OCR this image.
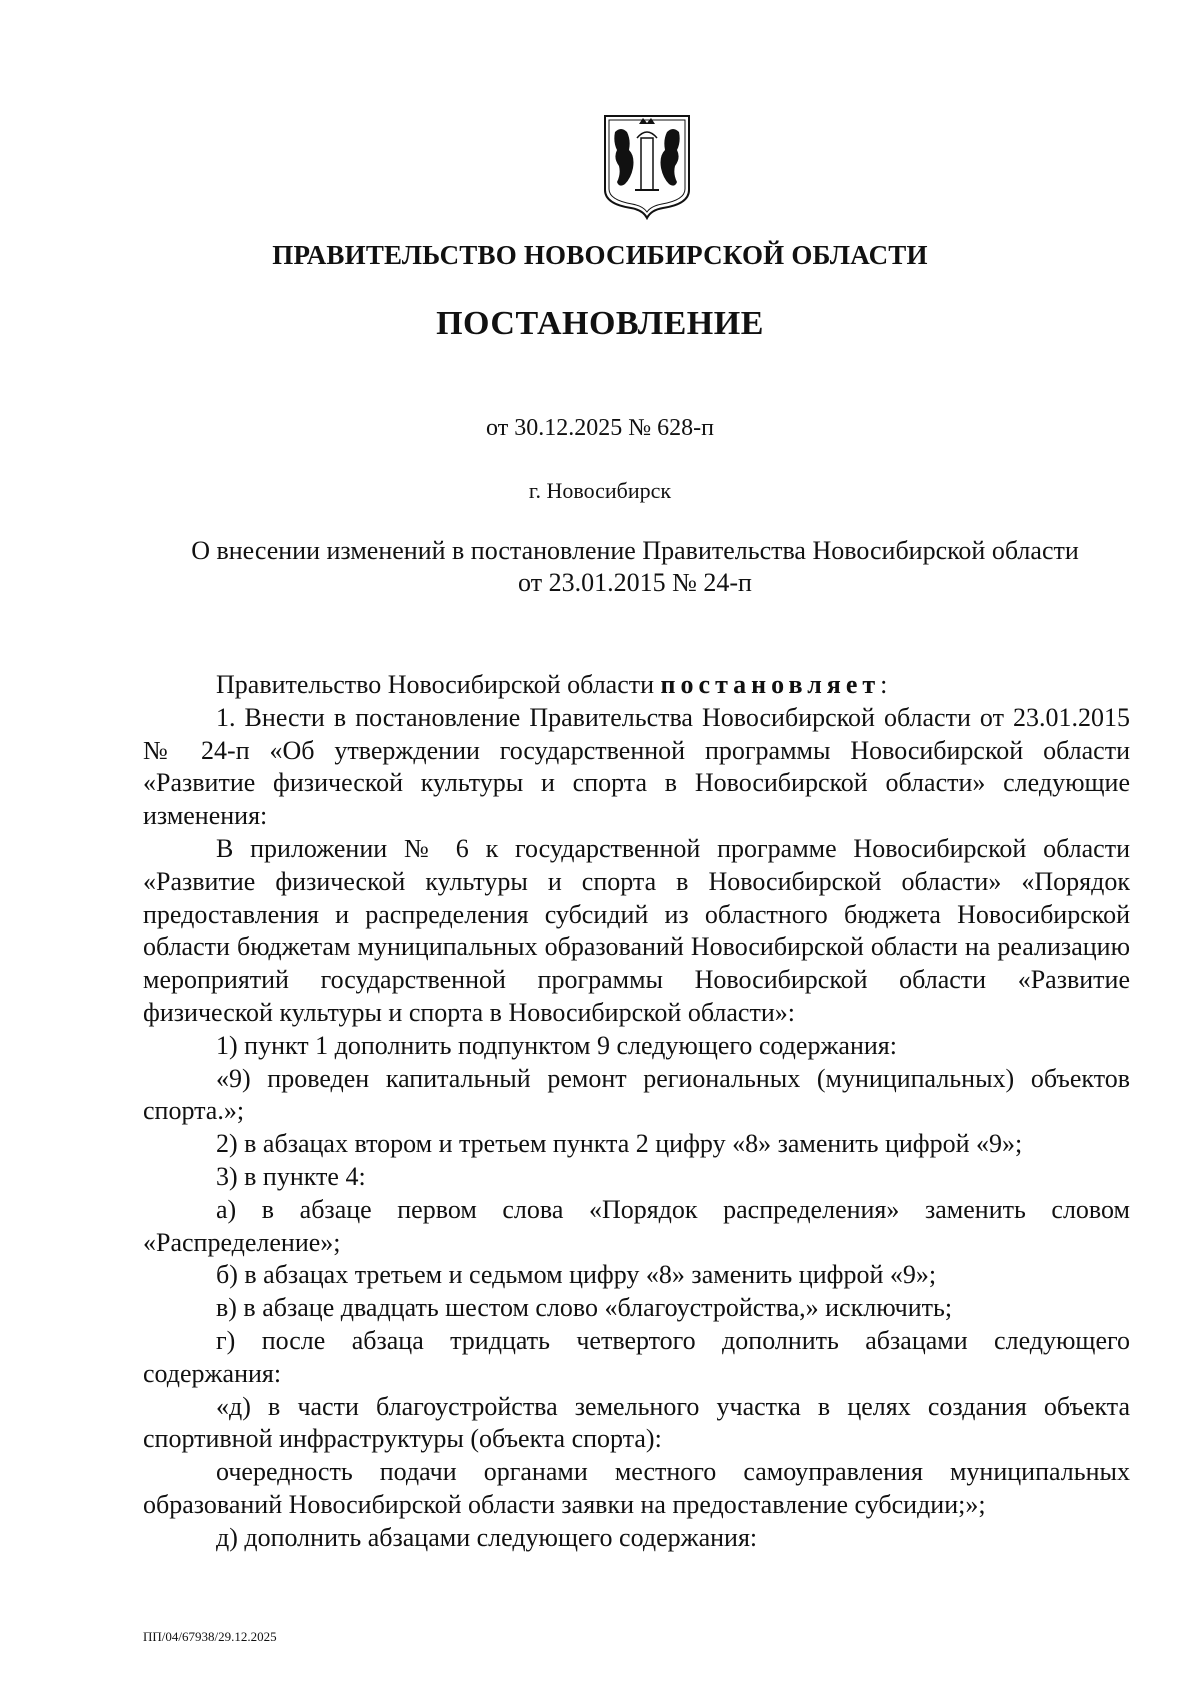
ПРАВИТЕЛЬСТВО НОВОСИБИРСКОЙ ОБЛАСТИ
ПОСТАНОВЛЕНИЕ
от 30.12.2025 № 628-п
г. Новосибирск
О внесении изменений в постановление Правительства Новосибирской области
от 23.01.2015 № 24-п

Правительство Новосибирской области постановляет:

1. Внести в постановление Правительства Новосибирской области от 23.01.2015 № 24-п «Об утверждении государственной программы Новосибирской области «Развитие физической культуры и спорта в Новосибирской области» следующие изменения:

В приложении № 6 к государственной программе Новосибирской области «Развитие физической культуры и спорта в Новосибирской области» «Порядок предоставления и распределения субсидий из областного бюджета Новосибирской области бюджетам муниципальных образований Новосибирской области на реализацию мероприятий государственной программы Новосибирской области «Развитие физической культуры и спорта в Новосибирской области»:

1) пункт 1 дополнить подпунктом 9 следующего содержания:

«9) проведен капитальный ремонт региональных (муниципальных) объектов спорта.»;

2) в абзацах втором и третьем пункта 2 цифру «8» заменить цифрой «9»;

3) в пункте 4:

а) в абзаце первом слова «Порядок распределения» заменить словом «Распределение»;

б) в абзацах третьем и седьмом цифру «8» заменить цифрой «9»;

в) в абзаце двадцать шестом слово «благоустройства,» исключить;

г) после абзаца тридцать четвертого дополнить абзацами следующего содержания:

«д) в части благоустройства земельного участка в целях создания объекта спортивной инфраструктуры (объекта спорта):

очередность подачи органами местного самоуправления муниципальных образований Новосибирской области заявки на предоставление субсидии;»;

д) дополнить абзацами следующего содержания:

ПП/04/67938/29.12.2025
